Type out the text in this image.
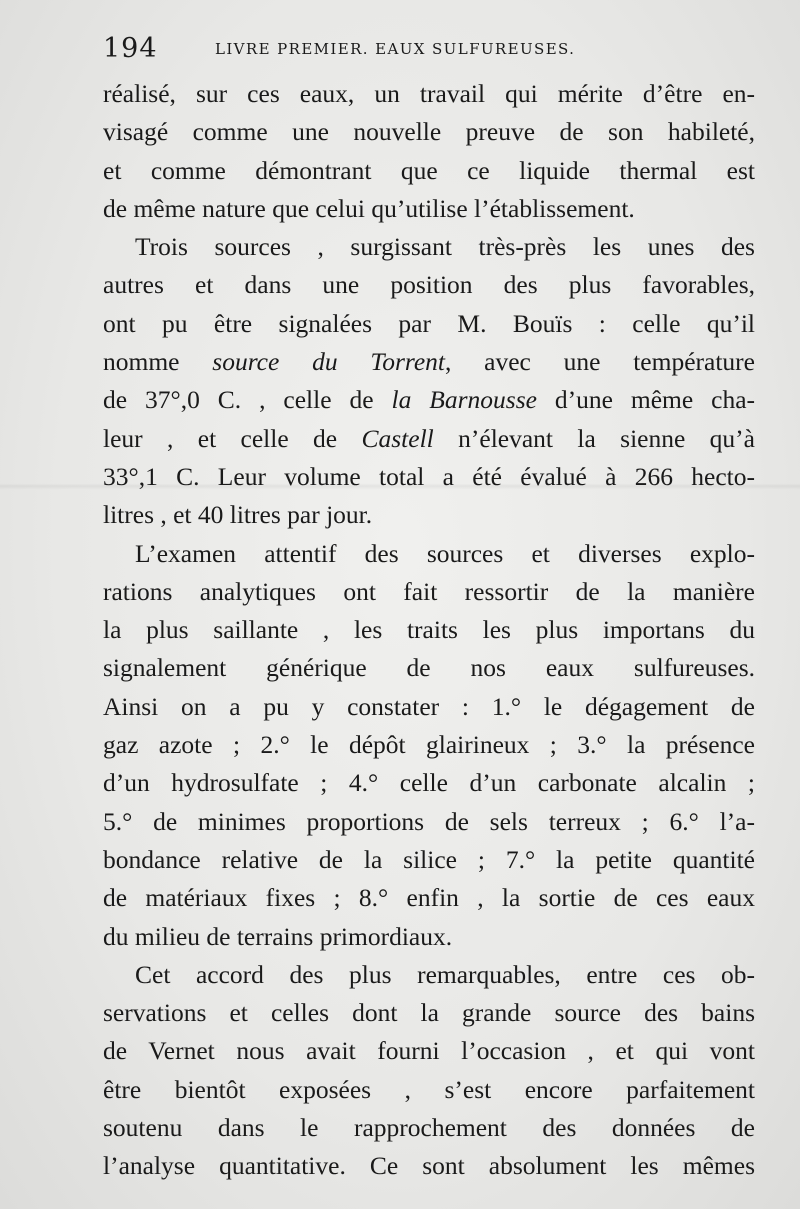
194	LIVRE PREMIER. EAUX SULFUREUSES.
réalisé, sur ces eaux, un travail qui mérite d’être en-
visagé comme une nouvelle preuve de son habileté,
et comme démontrant que ce liquide thermal est
de même nature que celui qu’utilise l’établissement.
Trois sources , surgissant très-près les unes des
autres et dans une position des plus favorables,
ont pu être signalées par M. Bouïs : celle qu’il
nomme source du Torrent, avec une température
de 37°,0 C. , celle de la Barnousse d’une même cha-
leur , et celle de Castell n’élevant la sienne qu’à
33°,1 C. Leur volume total a été évalué à 266 hecto-
litres , et 40 litres par jour.
L’examen attentif des sources et diverses explo-
rations analytiques ont fait ressortir de la manière
la plus saillante , les traits les plus importans du
signalement générique de nos eaux sulfureuses.
Ainsi on a pu y constater : 1.° le dégagement de
gaz azote ; 2.° le dépôt glairineux ; 3.° la présence
d’un hydrosulfate ; 4.° celle d’un carbonate alcalin ;
5.° de minimes proportions de sels terreux ; 6.° l’a-
bondance relative de la silice ; 7.° la petite quantité
de matériaux fixes ; 8.° enfin , la sortie de ces eaux
du milieu de terrains primordiaux.
Cet accord des plus remarquables, entre ces ob-
servations et celles dont la grande source des bains
de Vernet nous avait fourni l’occasion , et qui vont
être bientôt exposées , s’est encore parfaitement
soutenu dans le rapprochement des données de
l’analyse quantitative. Ce sont absolument les mêmes
